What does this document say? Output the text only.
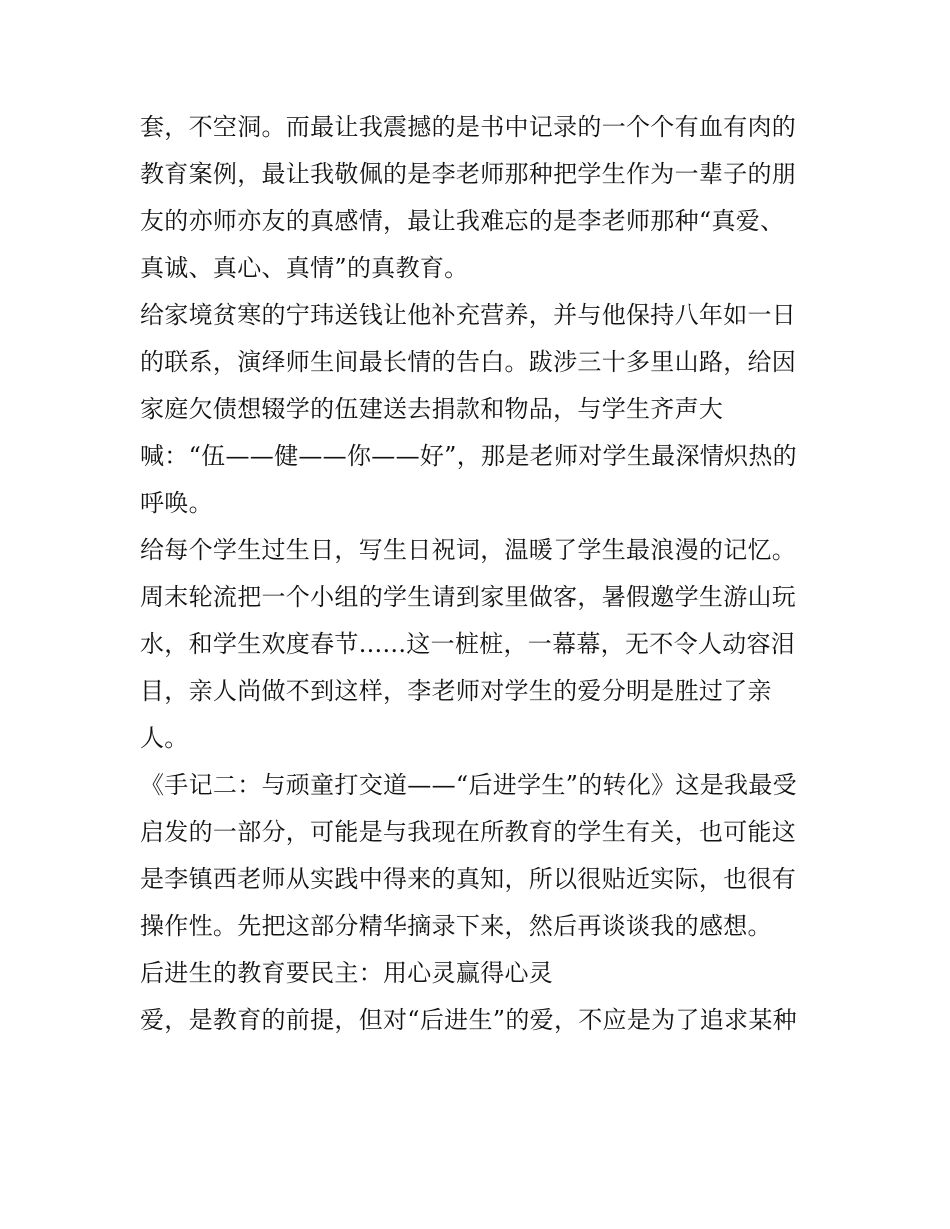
套，不空洞。而最让我震撼的是书中记录的一个个有血有肉的
教育案例，最让我敬佩的是李老师那种把学生作为一辈子的朋
友的亦师亦友的真感情，最让我难忘的是李老师那种“真爱、
真诚、真心、真情”的真教育。
给家境贫寒的宁玮送钱让他补充营养，并与他保持八年如一日
的联系，演绎师生间最长情的告白。跋涉三十多里山路，给因
家庭欠债想辍学的伍建送去捐款和物品，与学生齐声大
喊：“伍——健——你——好”，那是老师对学生最深情炽热的
呼唤。
给每个学生过生日，写生日祝词，温暖了学生最浪漫的记忆。
周末轮流把一个小组的学生请到家里做客，暑假邀学生游山玩
水，和学生欢度春节......这一桩桩，一幕幕，无不令人动容泪
目，亲人尚做不到这样，李老师对学生的爱分明是胜过了亲
人。
《手记二：与顽童打交道——“后进学生”的转化》这是我最受
启发的一部分，可能是与我现在所教育的学生有关，也可能这
是李镇西老师从实践中得来的真知，所以很贴近实际，也很有
操作性。先把这部分精华摘录下来，然后再谈谈我的感想。
后进生的教育要民主：用心灵赢得心灵
爱，是教育的前提，但对“后进生”的爱，不应是为了追求某种
